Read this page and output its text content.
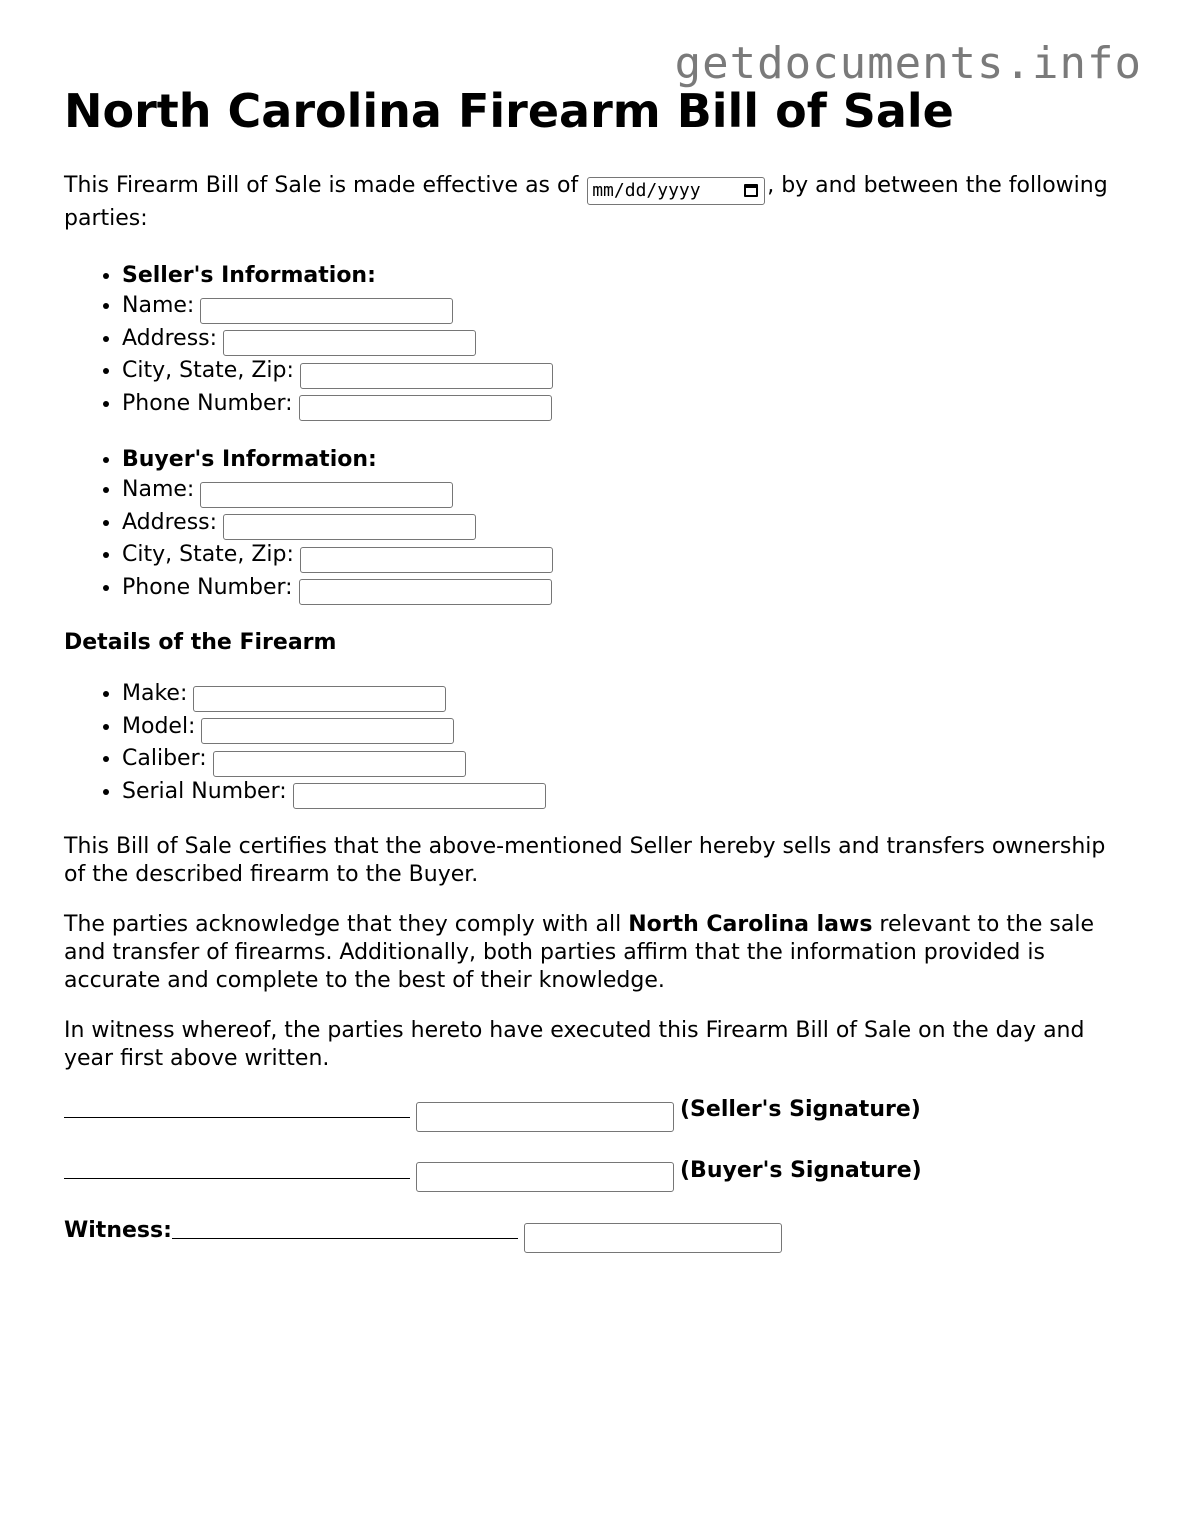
getdocuments.info
North Carolina Firearm Bill of Sale

This Firearm Bill of Sale is made effective as of mm/dd/yyyy	, by and between the following parties:

• Seller's Information:
• Name:
• Address:
• City, State, Zip:
• Phone Number:
• Buyer's Information:
• Name:
• Address:
• City, State, Zip:
• Phone Number:
Details of the Firearm
• Make:
• Model:
• Caliber:
• Serial Number:

This Bill of Sale certifies that the above-mentioned Seller hereby sells and transfers ownership of the described firearm to the Buyer.

The parties acknowledge that they comply with all North Carolina laws relevant to the sale and transfer of firearms. Additionally, both parties affirm that the information provided is accurate and complete to the best of their knowledge.

In witness whereof, the parties hereto have executed this Firearm Bill of Sale on the day and year first above written.

(Seller's Signature)
(Buyer's Signature)
Witness:
